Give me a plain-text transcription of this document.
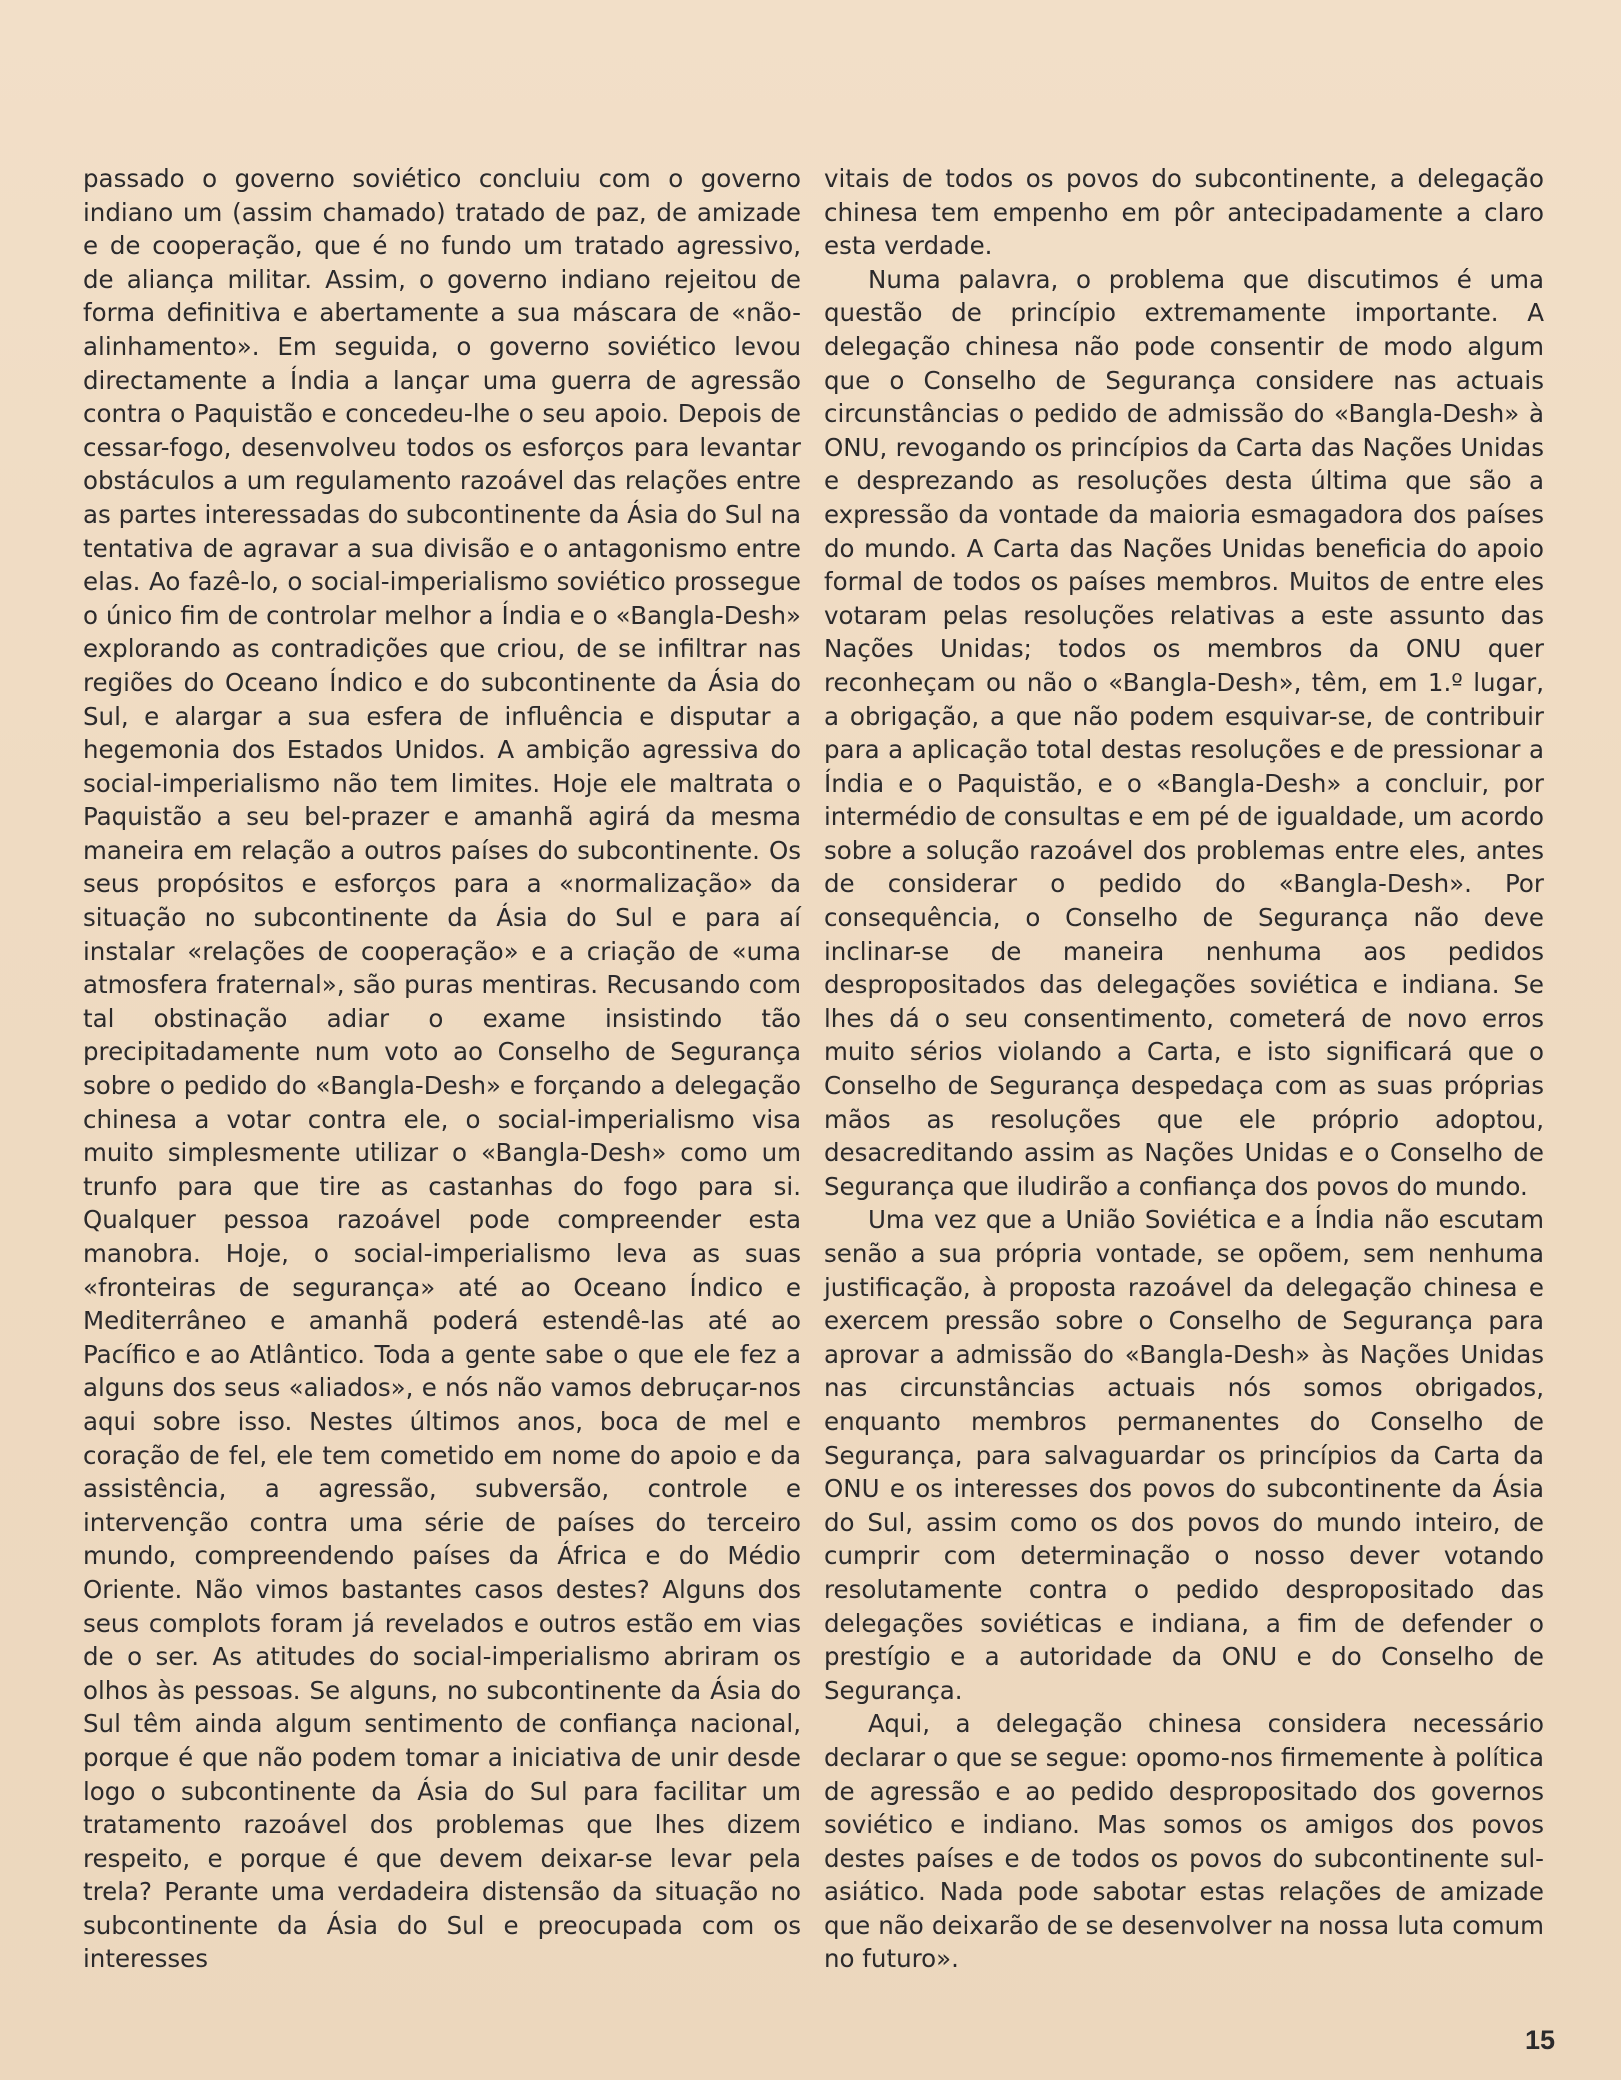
passado o governo soviético concluiu com o governo indiano um (assim chamado) tratado de paz, de amizade e de cooperação, que é no fundo um tratado agressivo, de aliança militar. Assim, o governo indiano rejeitou de forma definitiva e abertamente a sua máscara de «não-alinhamento». Em seguida, o governo soviético levou directamente a Índia a lançar uma guerra de agressão contra o Paquistão e concedeu-lhe o seu apoio. Depois de cessar-fogo, desenvolveu todos os esforços para levantar obstáculos a um regulamento razoável das relações entre as partes interessadas do subcontinente da Ásia do Sul na tentativa de agravar a sua divisão e o antagonismo entre elas. Ao fazê-lo, o social-imperialismo soviético prossegue o único fim de controlar melhor a Índia e o «Bangla-Desh» explorando as contradições que criou, de se infiltrar nas regiões do Oceano Índico e do subcontinente da Ásia do Sul, e alargar a sua esfera de influência e disputar a hegemonia dos Estados Unidos. A ambição agressiva do social-imperialismo não tem limites. Hoje ele maltrata o Paquistão a seu bel-prazer e amanhã agirá da mesma maneira em relação a outros países do subcontinente. Os seus propósitos e esforços para a «normalização» da situação no subcontinente da Ásia do Sul e para aí instalar «relações de cooperação» e a criação de «uma atmosfera fraternal», são puras mentiras. Recusando com tal obstinação adiar o exame insistindo tão precipitadamente num voto ao Conselho de Segurança sobre o pedido do «Bangla-Desh» e forçando a delegação chinesa a votar contra ele, o social-imperialismo visa muito simplesmente utilizar o «Bangla-Desh» como um trunfo para que tire as castanhas do fogo para si. Qualquer pessoa razoável pode compreender esta manobra. Hoje, o social-imperialismo leva as suas «fronteiras de segurança» até ao Oceano Índico e Mediterrâneo e amanhã poderá estendê-las até ao Pacífico e ao Atlântico. Toda a gente sabe o que ele fez a alguns dos seus «aliados», e nós não vamos debruçar-nos aqui sobre isso. Nestes últimos anos, boca de mel e coração de fel, ele tem cometido em nome do apoio e da assistência, a agressão, subversão, controle e intervenção contra uma série de países do terceiro mundo, compreendendo países da África e do Médio Oriente. Não vimos bastantes casos destes? Alguns dos seus complots foram já revelados e outros estão em vias de o ser. As atitudes do social-imperialismo abriram os olhos às pessoas. Se alguns, no subcontinente da Ásia do Sul têm ainda algum sentimento de confiança nacional, porque é que não podem tomar a iniciativa de unir desde logo o subcontinente da Ásia do Sul para facilitar um tratamento razoável dos problemas que lhes dizem respeito, e porque é que devem deixar-se levar pela trela? Perante uma verdadeira distensão da situação no subcontinente da Ásia do Sul e preocupada com os interesses

vitais de todos os povos do subcontinente, a delegação chinesa tem empenho em pôr antecipadamente a claro esta verdade.

Numa palavra, o problema que discutimos é uma questão de princípio extremamente importante. A delegação chinesa não pode consentir de modo algum que o Conselho de Segurança considere nas actuais circunstâncias o pedido de admissão do «Bangla-Desh» à ONU, revogando os princípios da Carta das Nações Unidas e desprezando as resoluções desta última que são a expressão da vontade da maioria esmagadora dos países do mundo. A Carta das Nações Unidas beneficia do apoio formal de todos os países membros. Muitos de entre eles votaram pelas resoluções relativas a este assunto das Nações Unidas; todos os membros da ONU quer reconheçam ou não o «Bangla-Desh», têm, em 1.º lugar, a obrigação, a que não podem esquivar-se, de contribuir para a aplicação total destas resoluções e de pressionar a Índia e o Paquistão, e o «Bangla-Desh» a concluir, por intermédio de consultas e em pé de igualdade, um acordo sobre a solução razoável dos problemas entre eles, antes de considerar o pedido do «Bangla-Desh». Por consequência, o Conselho de Segurança não deve inclinar-se de maneira nenhuma aos pedidos despropositados das delegações soviética e indiana. Se lhes dá o seu consentimento, cometerá de novo erros muito sérios violando a Carta, e isto significará que o Conselho de Segurança despedaça com as suas próprias mãos as resoluções que ele próprio adoptou, desacreditando assim as Nações Unidas e o Conselho de Segurança que iludirão a confiança dos povos do mundo.

Uma vez que a União Soviética e a Índia não escutam senão a sua própria vontade, se opõem, sem nenhuma justificação, à proposta razoável da delegação chinesa e exercem pressão sobre o Conselho de Segurança para aprovar a admissão do «Bangla-Desh» às Nações Unidas nas circunstâncias actuais nós somos obrigados, enquanto membros permanentes do Conselho de Segurança, para salvaguardar os princípios da Carta da ONU e os interesses dos povos do subcontinente da Ásia do Sul, assim como os dos povos do mundo inteiro, de cumprir com determinação o nosso dever votando resolutamente contra o pedido despropositado das delegações soviéticas e indiana, a fim de defender o prestígio e a autoridade da ONU e do Conselho de Segurança.

Aqui, a delegação chinesa considera necessário declarar o que se segue: opomo-nos firmemente à política de agressão e ao pedido despropositado dos governos soviético e indiano. Mas somos os amigos dos povos destes países e de todos os povos do subcontinente sul-asiático. Nada pode sabotar estas relações de amizade que não deixarão de se desenvolver na nossa luta comum no futuro».

15
